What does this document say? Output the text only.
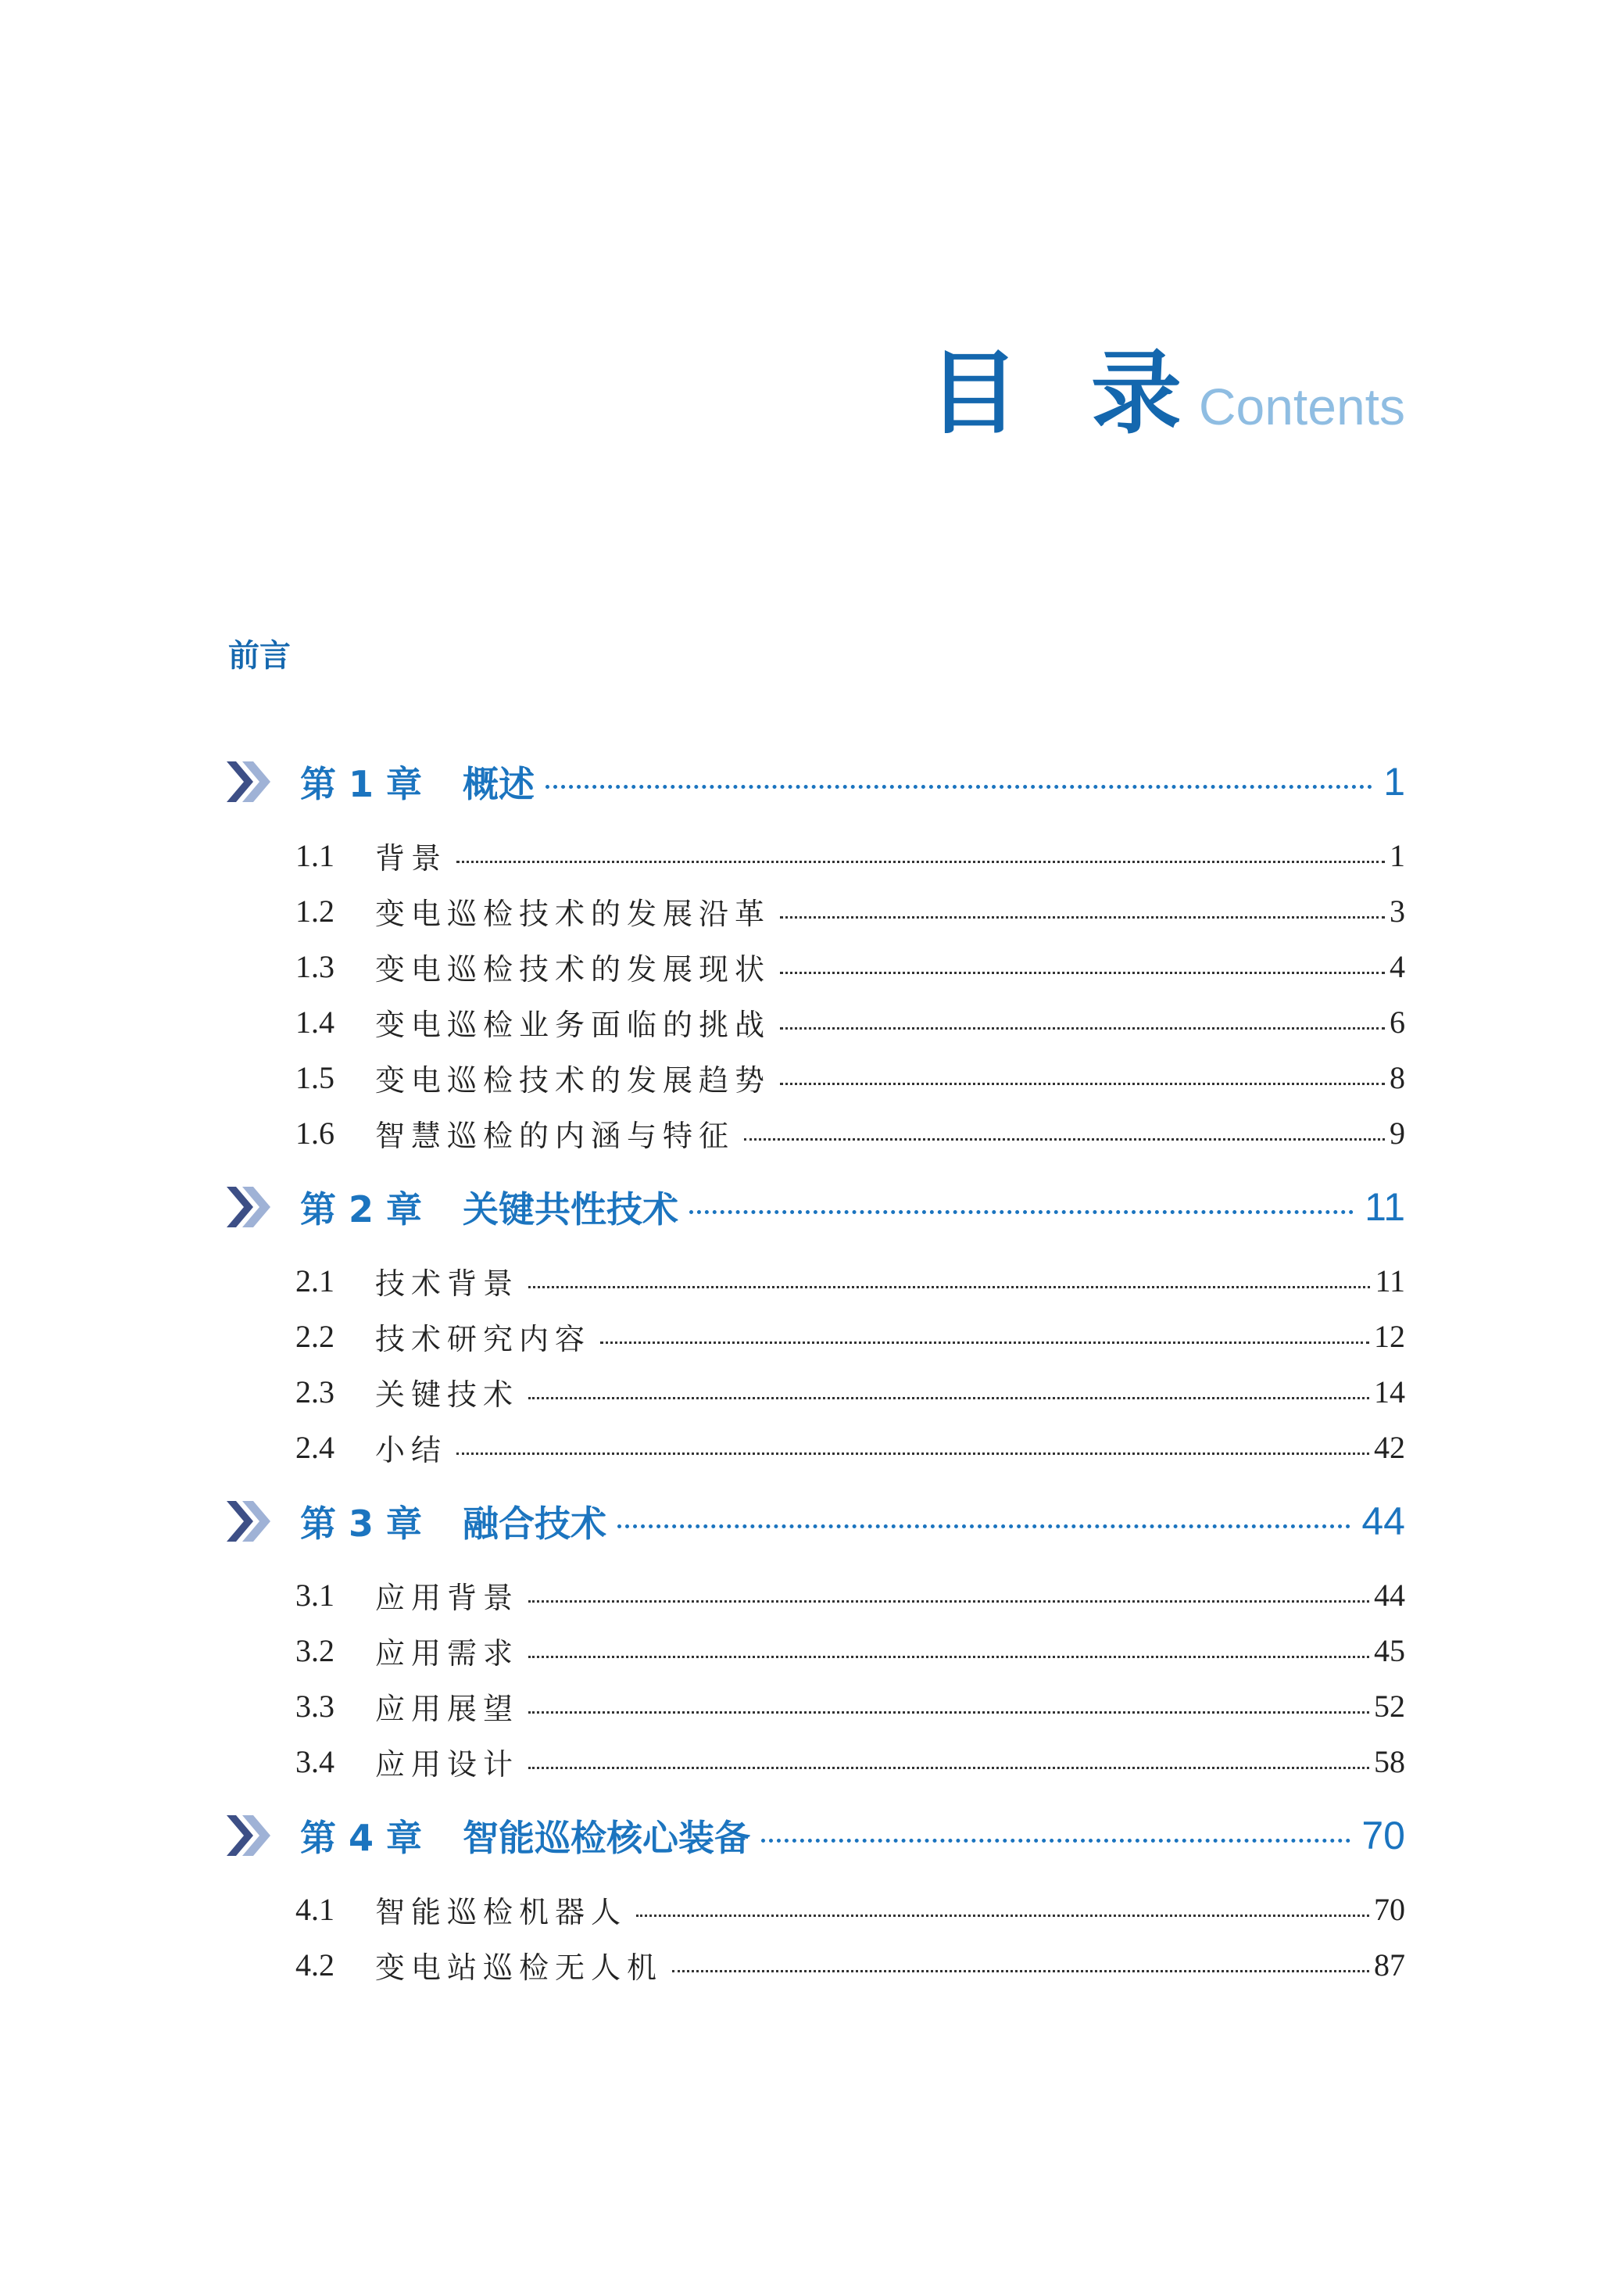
目录
Contents
前言
第 1 章 概述	1
1.1	背景	1
1.2	变电巡检技术的发展沿革	3
1.3	变电巡检技术的发展现状	4
1.4	变电巡检业务面临的挑战	6
1.5	变电巡检技术的发展趋势	8
1.6	智慧巡检的内涵与特征	9
第 2 章 关键共性技术	11
2.1	技术背景	11
2.2	技术研究内容	12
2.3	关键技术	14
2.4	小结	42
第 3 章 融合技术	44
3.1	应用背景	44
3.2	应用需求	45
3.3	应用展望	52
3.4	应用设计	58
第 4 章 智能巡检核心装备	70
4.1	智能巡检机器人	70
4.2	变电站巡检无人机	87
